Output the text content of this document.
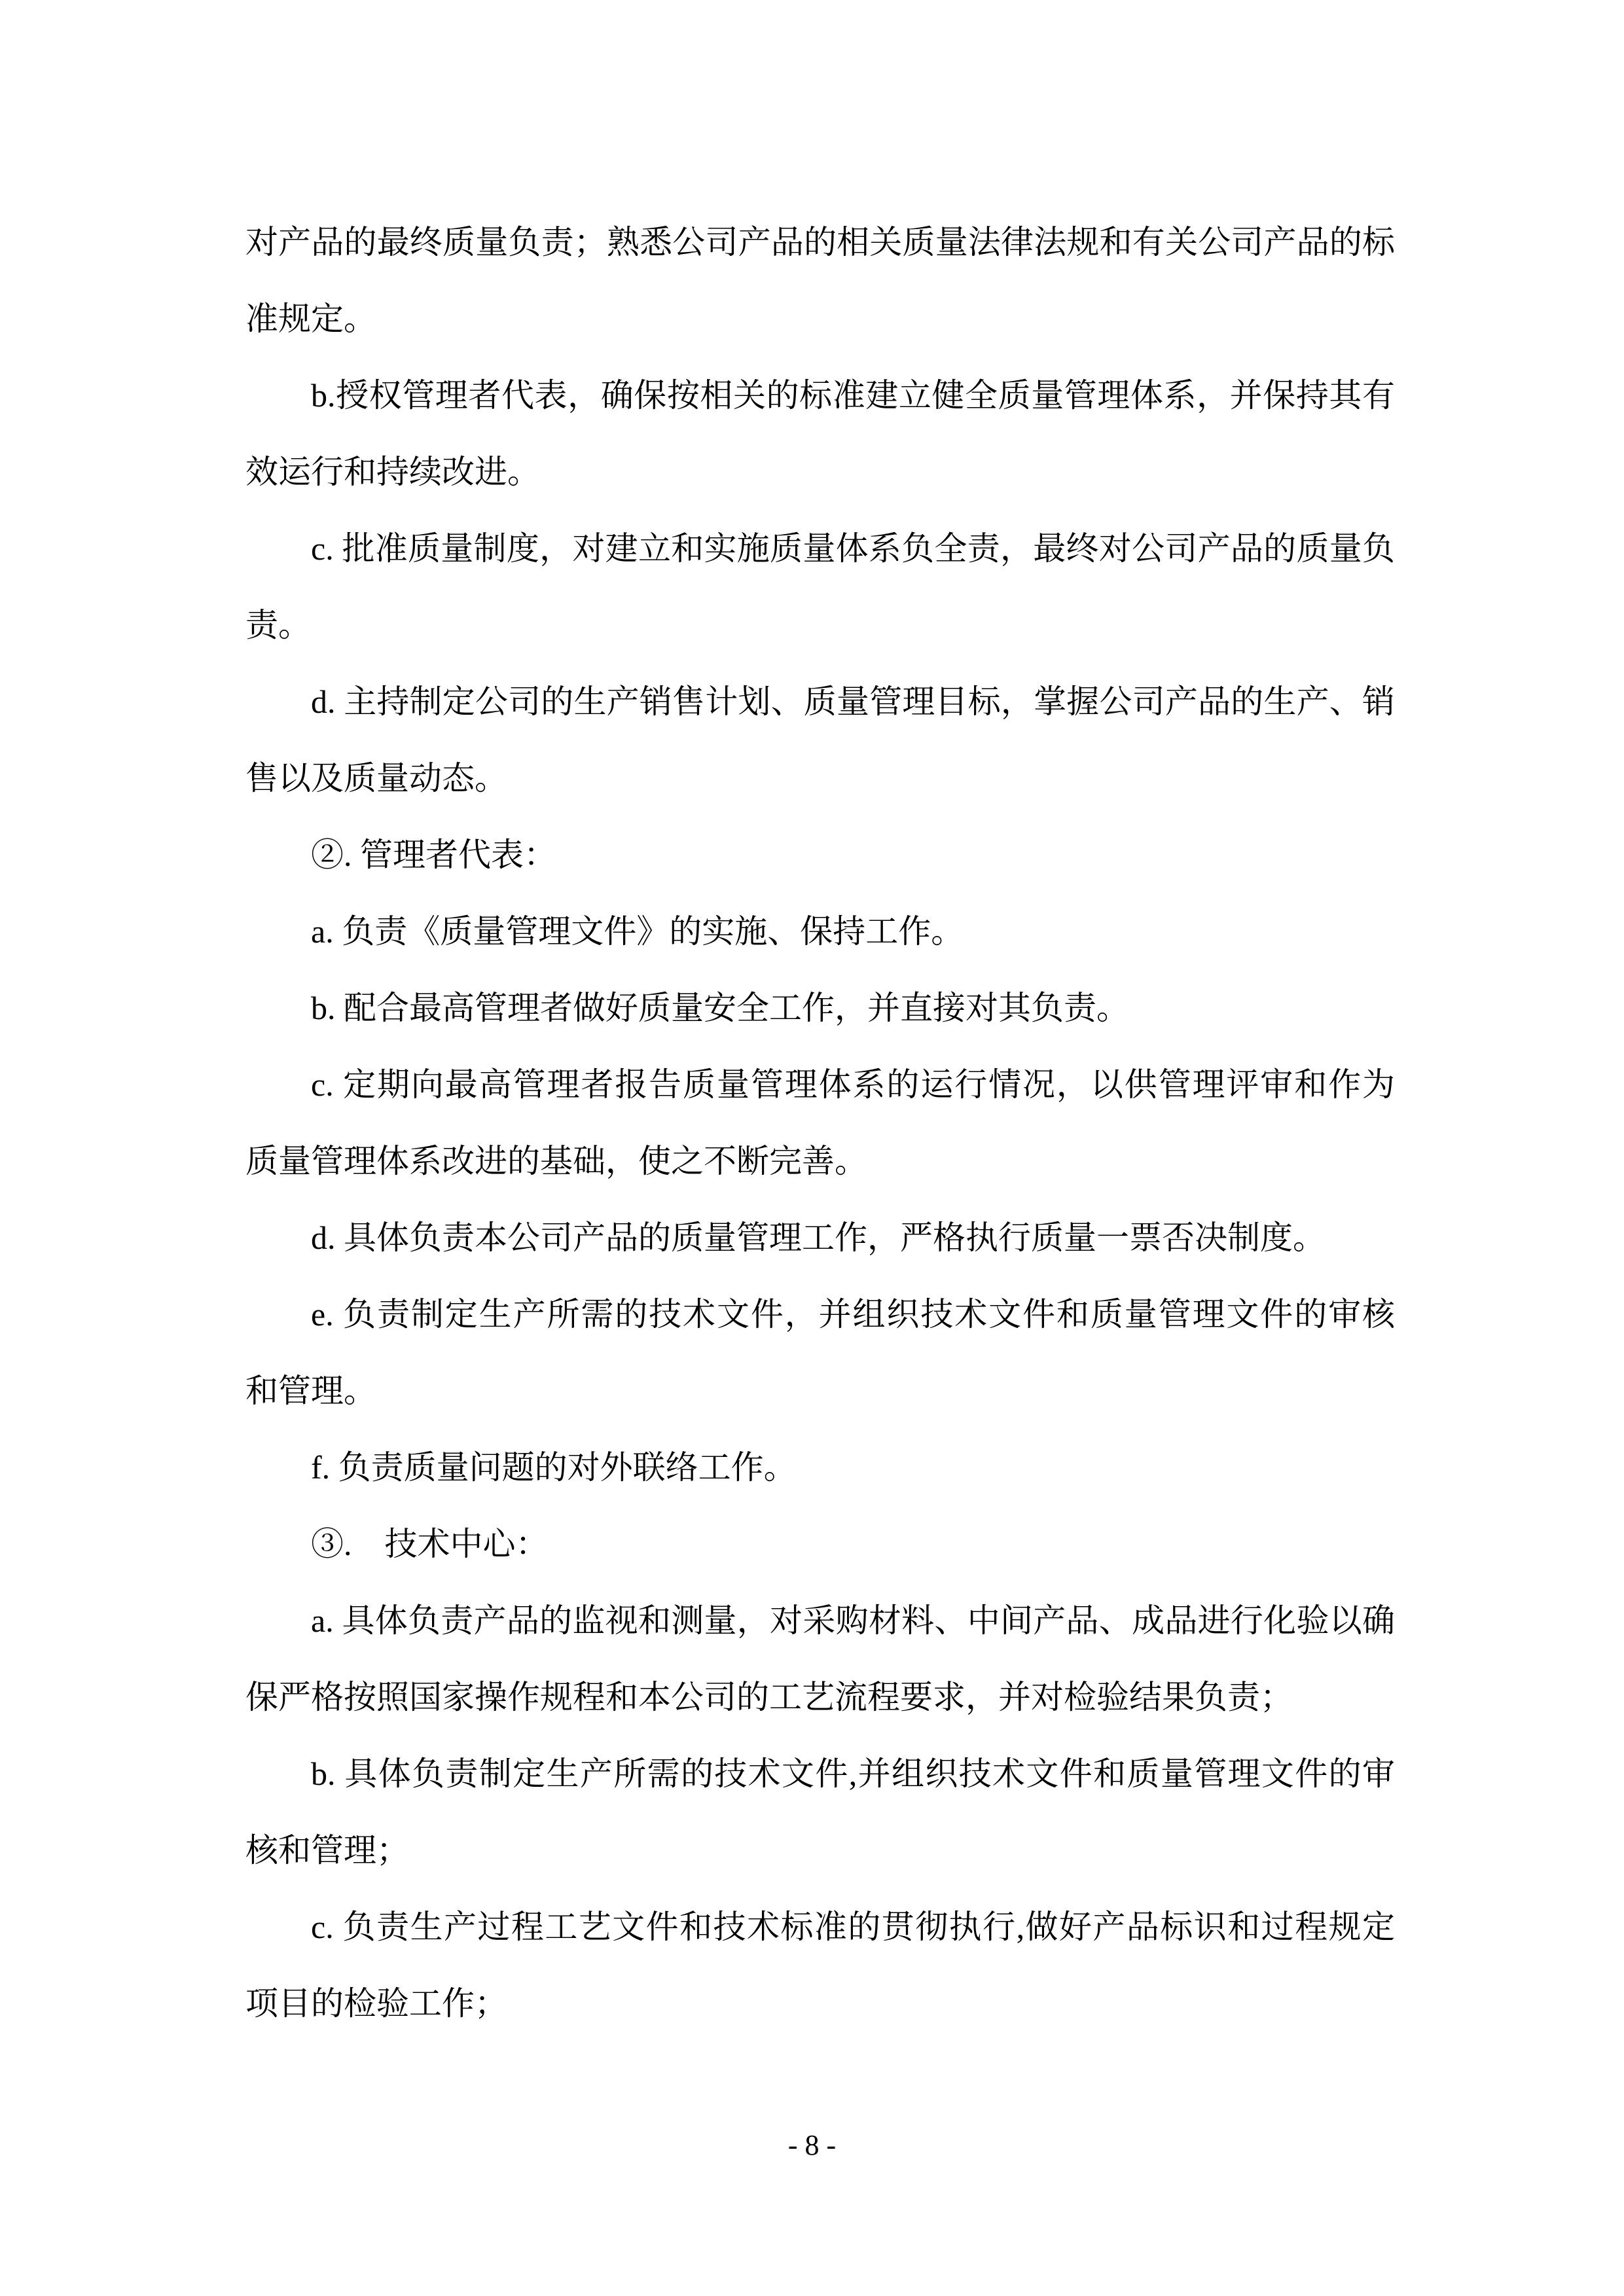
对产品的最终质量负责；熟悉公司产品的相关质量法律法规和有关公司产品的标
准规定。
b.授权管理者代表，确保按相关的标准建立健全质量管理体系，并保持其有
效运行和持续改进。
c. 批准质量制度，对建立和实施质量体系负全责，最终对公司产品的质量负
责。
d. 主持制定公司的生产销售计划、质量管理目标，掌握公司产品的生产、销
售以及质量动态。
②. 管理者代表：
a. 负责《质量管理文件》的实施、保持工作。
b. 配合最高管理者做好质量安全工作，并直接对其负责。
c. 定期向最高管理者报告质量管理体系的运行情况，以供管理评审和作为
质量管理体系改进的基础，使之不断完善。
d. 具体负责本公司产品的质量管理工作，严格执行质量一票否决制度。
e. 负责制定生产所需的技术文件，并组织技术文件和质量管理文件的审核
和管理。
f. 负责质量问题的对外联络工作。
③.　技术中心：
a. 具体负责产品的监视和测量，对采购材料、中间产品、成品进行化验以确
保严格按照国家操作规程和本公司的工艺流程要求，并对检验结果负责；
b. 具体负责制定生产所需的技术文件,并组织技术文件和质量管理文件的审
核和管理；
c. 负责生产过程工艺文件和技术标准的贯彻执行,做好产品标识和过程规定
项目的检验工作；
- 8 -
